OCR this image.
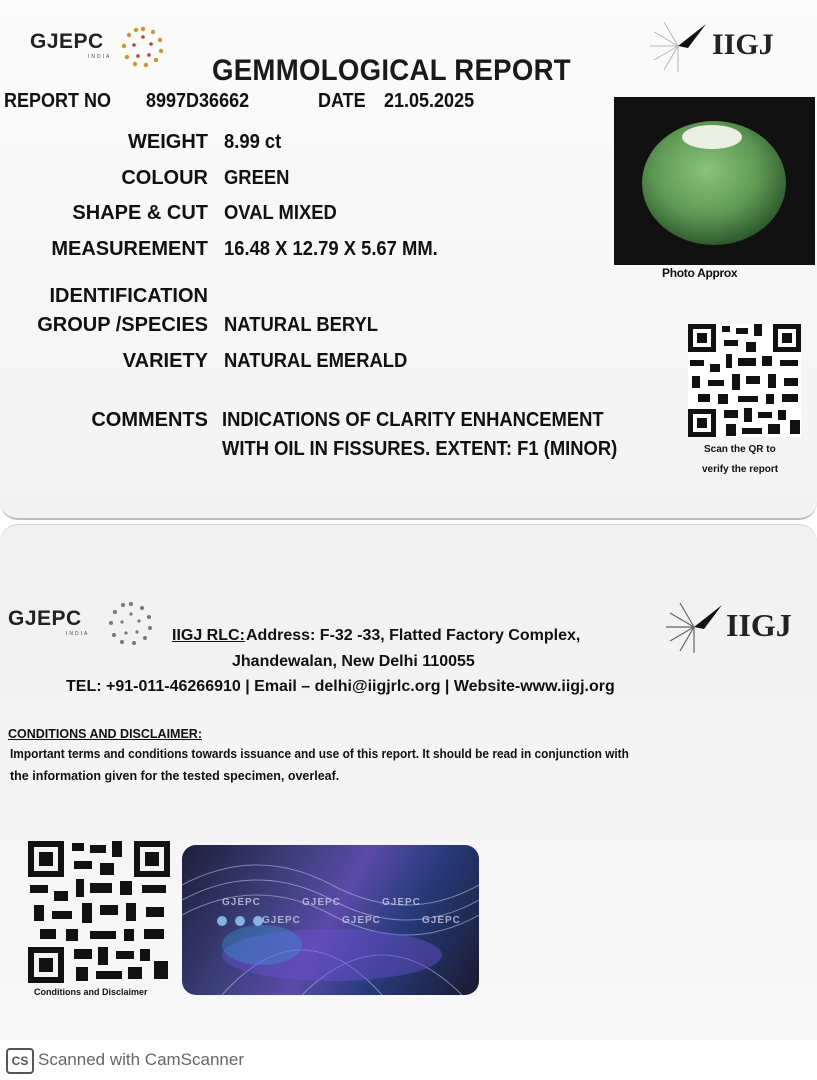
GJEPC
INDIA	IIGJ
GEMMOLOGICAL REPORT
REPORT NO 8997D36662	DATE 21.05.2025
WEIGHT 8.99 ct
COLOUR GREEN
SHAPE & CUT OVAL MIXED
MEASUREMENT 16.48 X 12.79 X 5.67 MM.
IDENTIFICATION
GROUP /SPECIES NATURAL BERYL
VARIETY NATURAL EMERALD
COMMENTS INDICATIONS OF CLARITY ENHANCEMENT
WITH OIL IN FISSURES. EXTENT: F1 (MINOR)
Photo Approx
Scan the QR to
verify the report
GJEPC
INDIA	IIGJ
IIGJ RLC: Address: F-32 -33, Flatted Factory Complex,
Jhandewalan, New Delhi 110055
TEL: +91-011-46266910 | Email – delhi@iigjrlc.org | Website-www.iigj.org
CONDITIONS AND DISCLAIMER:
Important terms and conditions towards issuance and use of this report. It should be read in conjunction with
the information given for the tested specimen, overleaf.
Conditions and Disclaimer
GJEPC	GJEPC	GJEPC
GJEPC	GJEPC	GJEPC
CS Scanned with CamScanner
